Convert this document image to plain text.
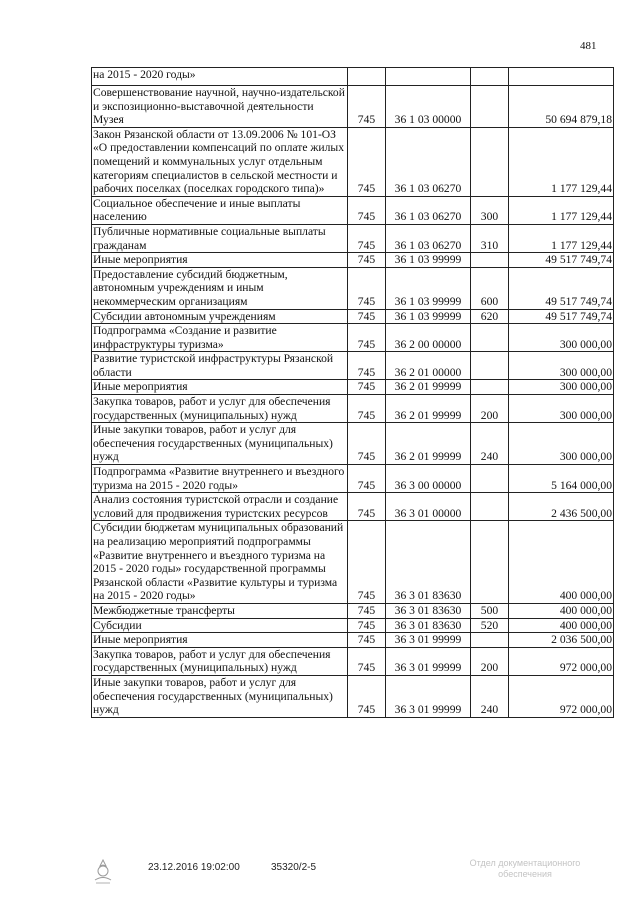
481
на 2015 - 2020 годы»				
Совершенствование научной, научно-издательской и экспозиционно-выставочной деятельности Музея	745	36 1 03 00000		50 694 879,18
Закон Рязанской области от 13.09.2006 № 101-ОЗ «О предоставлении компенсаций по оплате жилых помещений и коммунальных услуг отдельным категориям специалистов в сельской местности и рабочих поселках (поселках городского типа)»	745	36 1 03 06270		1 177 129,44
Социальное обеспечение и иные выплаты населению	745	36 1 03 06270	300	1 177 129,44
Публичные нормативные социальные выплаты гражданам	745	36 1 03 06270	310	1 177 129,44
Иные мероприятия	745	36 1 03 99999		49 517 749,74
Предоставление субсидий бюджетным, автономным учреждениям и иным некоммерческим организациям	745	36 1 03 99999	600	49 517 749,74
Субсидии автономным учреждениям	745	36 1 03 99999	620	49 517 749,74
Подпрограмма «Создание и развитие инфраструктуры туризма»	745	36 2 00 00000		300 000,00
Развитие туристской инфраструктуры Рязанской области	745	36 2 01 00000		300 000,00
Иные мероприятия	745	36 2 01 99999		300 000,00
Закупка товаров, работ и услуг для обеспечения государственных (муниципальных) нужд	745	36 2 01 99999	200	300 000,00
Иные закупки товаров, работ и услуг для обеспечения государственных (муниципальных) нужд	745	36 2 01 99999	240	300 000,00
Подпрограмма «Развитие внутреннего и въездного туризма на 2015 - 2020 годы»	745	36 3 00 00000		5 164 000,00
Анализ состояния туристской отрасли и создание условий для продвижения туристских ресурсов	745	36 3 01 00000		2 436 500,00
Субсидии бюджетам муниципальных образований на реализацию мероприятий подпрограммы «Развитие внутреннего и въездного туризма на 2015 - 2020 годы» государственной программы Рязанской области «Развитие культуры и туризма на 2015 - 2020 годы»	745	36 3 01 83630		400 000,00
Межбюджетные трансферты	745	36 3 01 83630	500	400 000,00
Субсидии	745	36 3 01 83630	520	400 000,00
Иные мероприятия	745	36 3 01 99999		2 036 500,00
Закупка товаров, работ и услуг для обеспечения государственных (муниципальных) нужд	745	36 3 01 99999	200	972 000,00
Иные закупки товаров, работ и услуг для обеспечения государственных (муниципальных) нужд	745	36 3 01 99999	240	972 000,00
23.12.2016 19:02:00	35320/2-5	Отдел документационного
обеспечения
